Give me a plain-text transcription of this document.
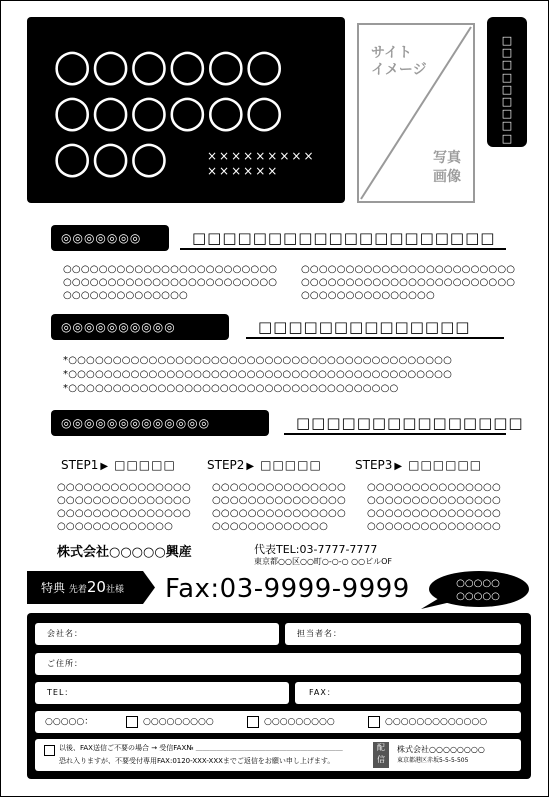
○○○○○○
○○○○○○
○○○	×××××××××
××××××
サイト
イメージ
写真
画像
□
□
□
□
□
□
□
□
□
◎◎◎◎◎◎◎	□□□□□□□□□□□□□□□□□□□□
○○○○○○○○○○○○○○○○○○○○○○○○
○○○○○○○○○○○○○○○○○○○○○○○○
○○○○○○○○○○○○○○
○○○○○○○○○○○○○○○○○○○○○○○○
○○○○○○○○○○○○○○○○○○○○○○○○
○○○○○○○○○○○○○○○
◎◎◎◎◎◎◎◎◎◎	□□□□□□□□□□□□□□
*○○○○○○○○○○○○○○○○○○○○○○○○○○○○○○○○○○○○○○○○○○○
*○○○○○○○○○○○○○○○○○○○○○○○○○○○○○○○○○○○○○○○○○○○
*○○○○○○○○○○○○○○○○○○○○○○○○○○○○○○○○○○○○○
◎◎◎◎◎◎◎◎◎◎◎◎◎	□□□□□□□□□□□□□□□
STEP1 ▶ □□□□□	STEP2 ▶ □□□□□	STEP3 ▶ □□□□□□
○○○○○○○○○○○○○○○
○○○○○○○○○○○○○○○
○○○○○○○○○○○○○○○
○○○○○○○○○○○○○
○○○○○○○○○○○○○○○
○○○○○○○○○○○○○○○
○○○○○○○○○○○○○○○
○○○○○○○○○○○○○
○○○○○○○○○○○○○○○
○○○○○○○○○○○○○○○
○○○○○○○○○○○○○○○
○○○○○○○○○○○○○○○
株式会社○○○○○興産	代表TEL:03-7777-7777
東京都○○区○○町○-○-○ ○○ビルOF
特典 先着20社様 Fax:03-9999-9999	○○○○○
○○○○○
会社名：	担当者名：
ご住所：
TEL：	FAX：
○○○○○：	○○○○○○○○○	○○○○○○○○○	○○○○○○○○○○○○○
以後、FAX送信ご不要の場合 → 受信FAX№ ＿＿＿＿＿＿＿＿＿＿＿＿＿＿＿＿＿＿＿＿＿
恐れ入りますが、不要受付専用FAX:0120-XXX-XXXまでご返信をお願い申し上げます。
配
信
株式会社○○○○○○○○
東京都港区赤坂5-5-5-505
